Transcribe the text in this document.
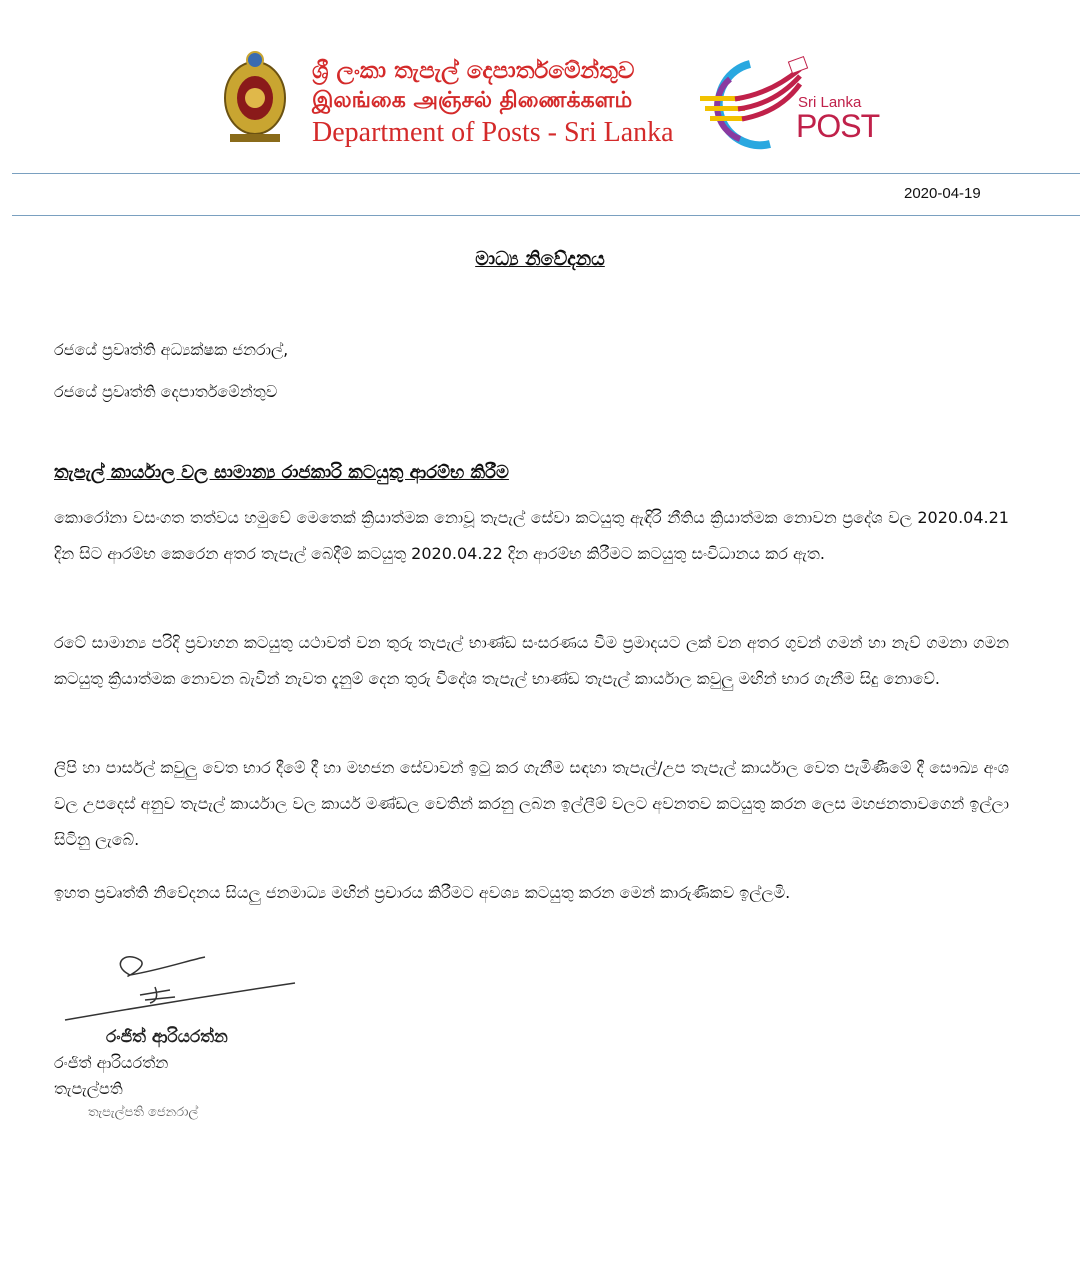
ශ්‍රී ලංකා තැපැල් දෙපාර්තමේන්තුව
இலங்கை அஞ்சல் திணைக்களம்
Department of Posts - Sri Lanka
Sri Lanka
POST
2020-04-19
මාධ්‍ය නිවේදනය
රජයේ ප්‍රවෘත්ති අධ්‍යක්ෂක ජනරාල්,
රජයේ ප්‍රවෘත්ති දෙපාර්තමේන්තුව
තැපැල් කාර්යාල වල සාමාන්‍ය රාජකාරි කටයුතු ආරම්භ කිරීම
කොරෝනා වසංගත තත්වය හමුවේ මෙතෙක් ක්‍රියාත්මක නොවූ තැපැල් සේවා කටයුතු ඇඳිරි නීතිය ක්‍රියාත්මක නොවන ප්‍රදේශ වල 2020.04.21 දින සිට ආරම්භ කෙරෙන අතර තැපැල් බෙදීම් කටයුතු 2020.04.22 දින ආරම්භ කිරීමට කටයුතු සංවිධානය කර ඇත.
රටේ සාමාන්‍ය පරිදි ප්‍රවාහන කටයුතු යථාවත් වන තුරු තැපැල් භාණ්ඩ සංසරණය වීම ප්‍රමාදයට ලක් වන අතර ගුවන් ගමන් හා නැව් ගමනා ගමන කටයුතු ක්‍රියාත්මක නොවන බැවින් නැවත දැනුම් දෙන තුරු විදේශ තැපැල් භාණ්ඩ තැපැල් කාර්යාල කවුලු මඟින් භාර ගැනීම සිදු නොවේ.
ලිපි හා පාර්සල් කවුලු වෙත භාර දීමේ දී හා මහජන සේවාවන් ඉටු කර ගැනීම සඳහා තැපැල්/උප තැපැල් කාර්යාල වෙත පැමිණීමේ දී සෞඛ්‍ය අංශ වල උපදෙස් අනුව තැපැල් කාර්යාල වල කාර්ය මණ්ඩල වෙතින් කරනු ලබන ඉල්ලීම් වලට අවනතව කටයුතු කරන ලෙස මහජනතාවගෙන් ඉල්ලා සිටිනු ලැබේ.
ඉහත ප්‍රවෘත්ති නිවේදනය සියලු ජනමාධ්‍ය මඟින් ප්‍රචාරය කිරීමට අවශ්‍ය කටයුතු කරන මෙන් කාරුණිකව ඉල්ලමි.
රංජිත් ආරියරත්න
රංජිත් ආරියරත්න
තැපැල්පති
තැපැල්පති ජෙනරාල්
